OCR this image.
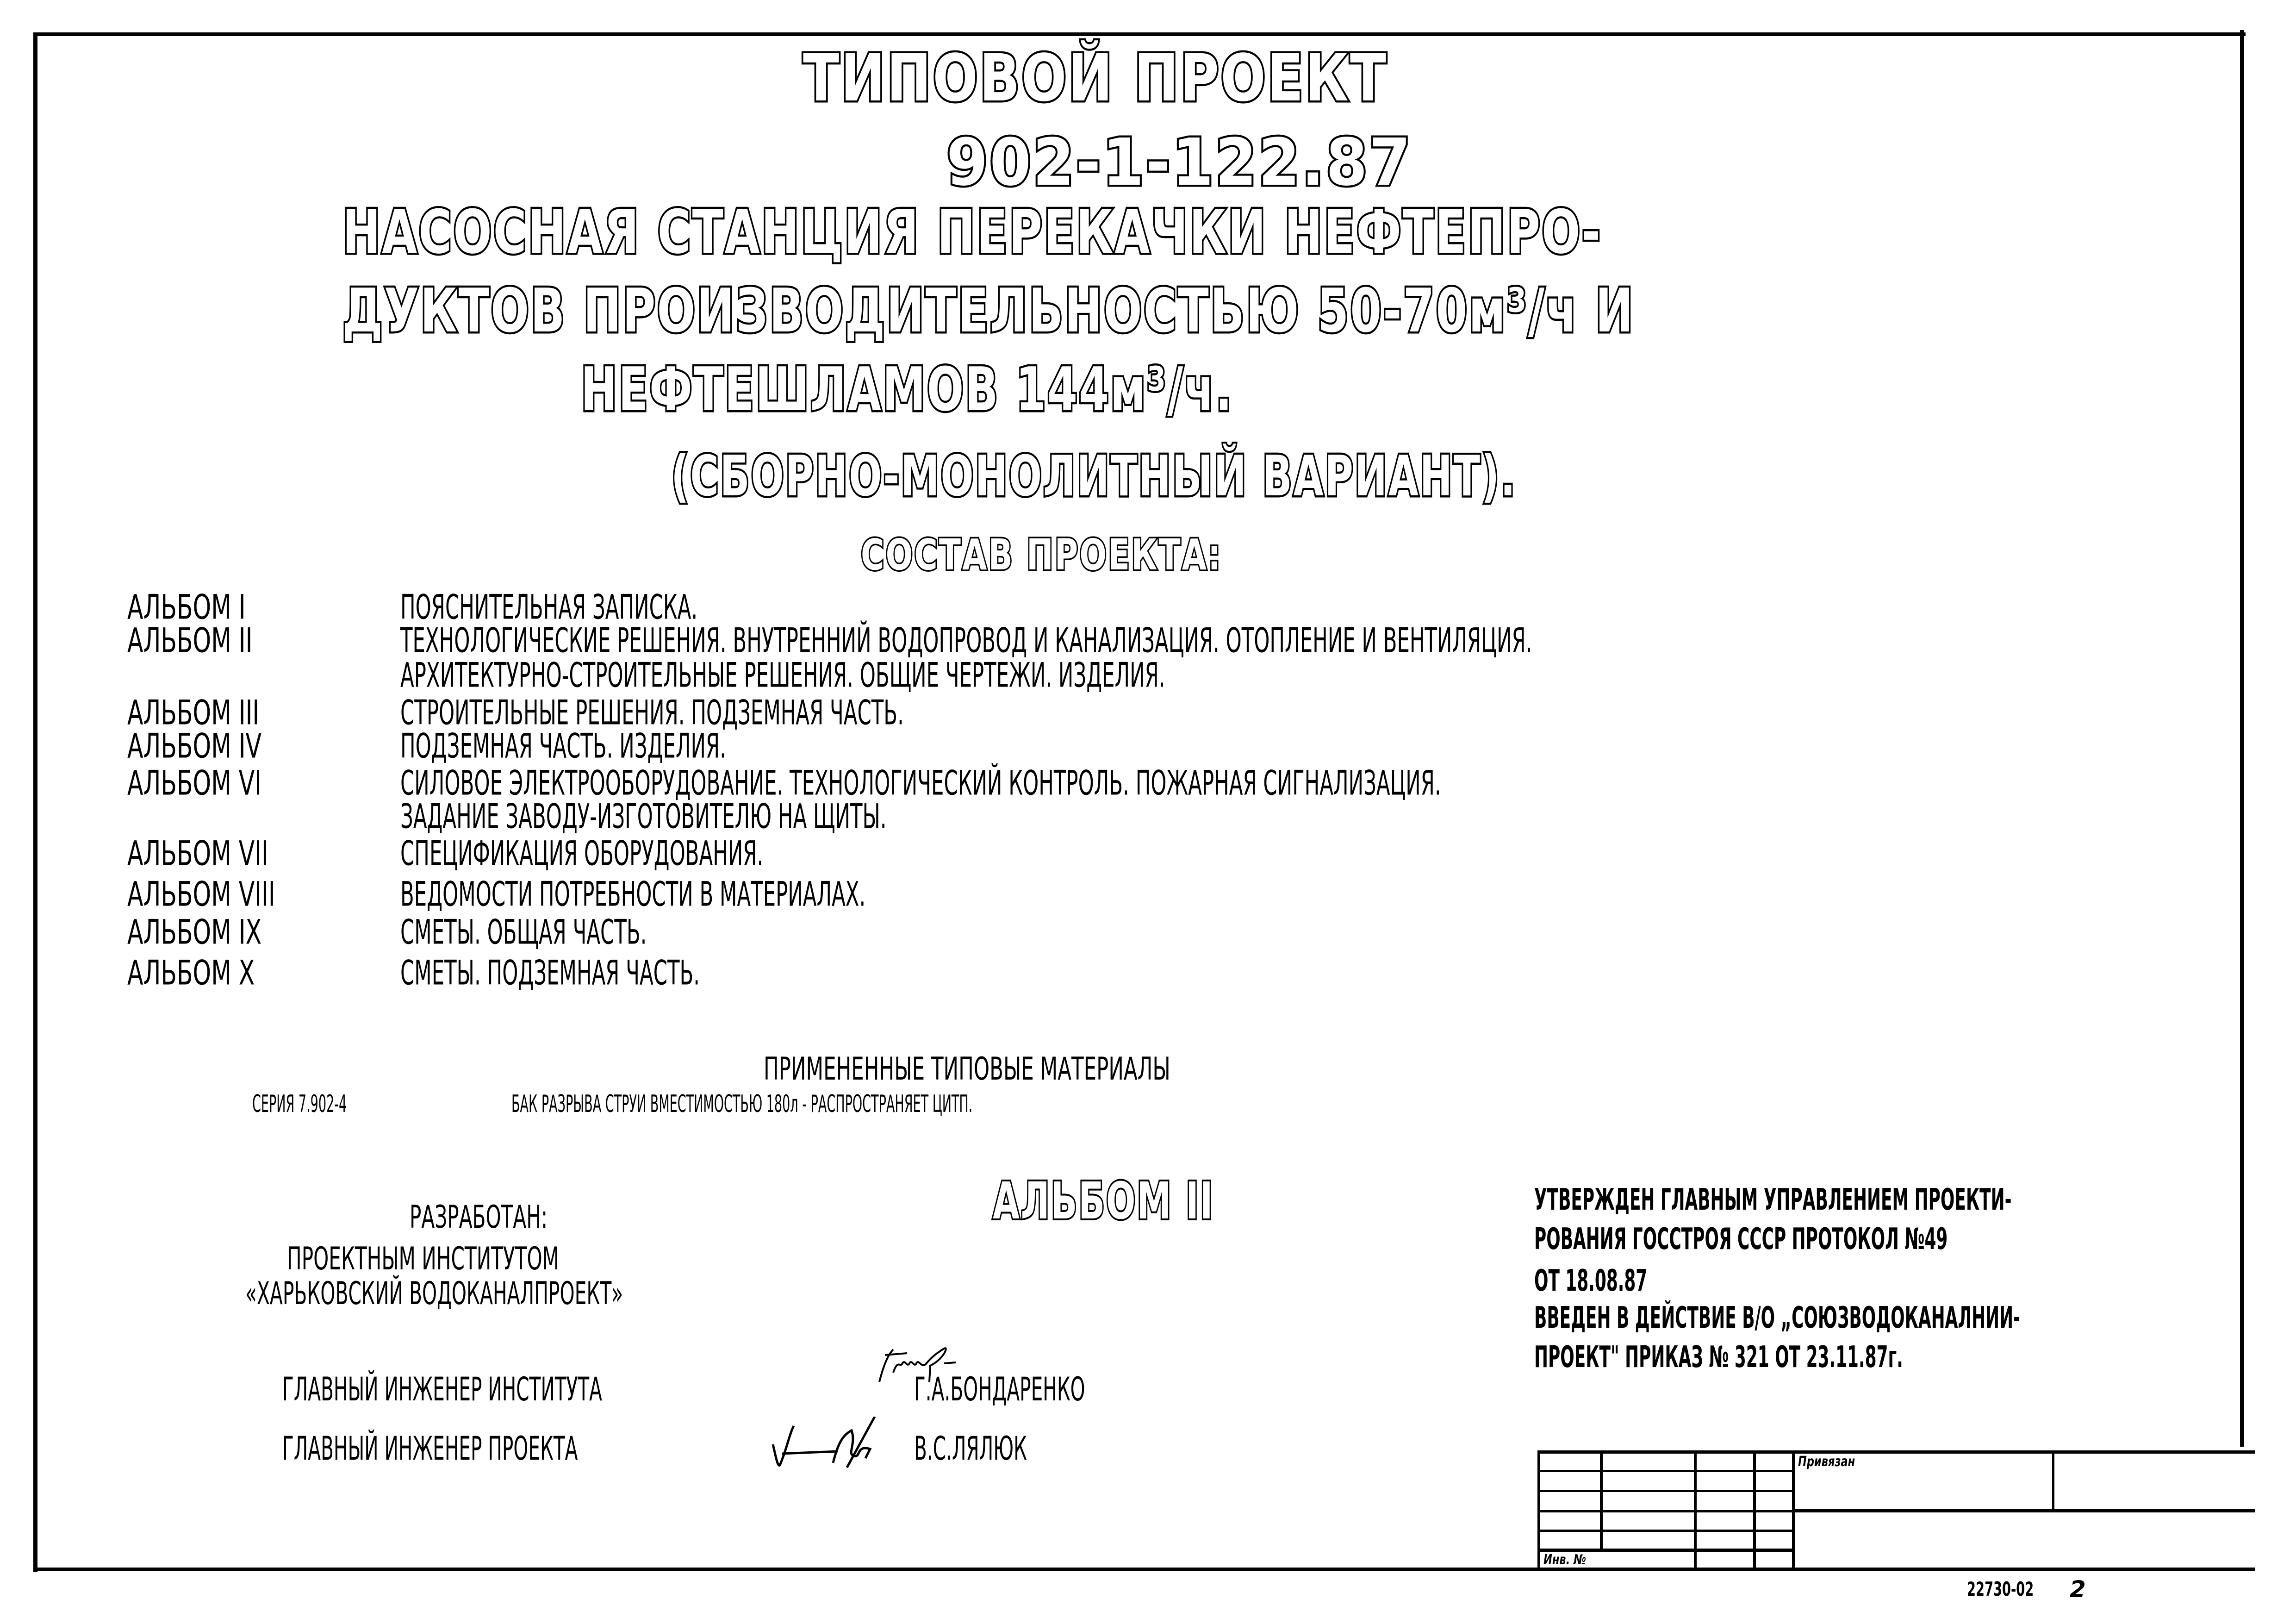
ТИПОВОЙ ПРОЕКТ
902-1-122.87
НАСОСНАЯ СТАНЦИЯ ПЕРЕКАЧКИ НЕФТЕПРО-
ДУКТОВ ПРОИЗВОДИТЕЛЬНОСТЬЮ 50-70м³/ч И
НЕФТЕШЛАМОВ 144м³/ч.
(СБОРНО-МОНОЛИТНЫЙ ВАРИАНТ).
СОСТАВ ПРОЕКТА:
АЛЬБОМ I	ПОЯСНИТЕЛЬНАЯ ЗАПИСКА.
АЛЬБОМ II	ТЕХНОЛОГИЧЕСКИЕ РЕШЕНИЯ. ВНУТРЕННИЙ ВОДОПРОВОД И КАНАЛИЗАЦИЯ. ОТОПЛЕНИЕ И ВЕНТИЛЯЦИЯ.
АРХИТЕКТУРНО-СТРОИТЕЛЬНЫЕ РЕШЕНИЯ. ОБЩИЕ ЧЕРТЕЖИ. ИЗДЕЛИЯ.
АЛЬБОМ III	СТРОИТЕЛЬНЫЕ РЕШЕНИЯ. ПОДЗЕМНАЯ ЧАСТЬ.
АЛЬБОМ IV	ПОДЗЕМНАЯ ЧАСТЬ. ИЗДЕЛИЯ.
АЛЬБОМ VI	СИЛОВОЕ ЭЛЕКТРООБОРУДОВАНИЕ. ТЕХНОЛОГИЧЕСКИЙ КОНТРОЛЬ. ПОЖАРНАЯ СИГНАЛИЗАЦИЯ.
ЗАДАНИЕ ЗАВОДУ-ИЗГОТОВИТЕЛЮ НА ЩИТЫ.
АЛЬБОМ VII	СПЕЦИФИКАЦИЯ ОБОРУДОВАНИЯ.
АЛЬБОМ VIII	ВЕДОМОСТИ ПОТРЕБНОСТИ В МАТЕРИАЛАХ.
АЛЬБОМ IX	СМЕТЫ. ОБЩАЯ ЧАСТЬ.
АЛЬБОМ X	СМЕТЫ. ПОДЗЕМНАЯ ЧАСТЬ.
ПРИМЕНЕННЫЕ ТИПОВЫЕ МАТЕРИАЛЫ
СЕРИЯ 7.902-4	БАК РАЗРЫВА СТРУИ ВМЕСТИМОСТЬЮ 180л - РАСПРОСТРАНЯЕТ ЦИТП.
РАЗРАБОТАН:
ПРОЕКТНЫМ ИНСТИТУТОМ
«ХАРЬКОВСКИЙ ВОДОКАНАЛПРОЕКТ»
АЛЬБОМ II	УТВЕРЖДЕН ГЛАВНЫМ УПРАВЛЕНИЕМ ПРОЕКТИ-
РОВАНИЯ ГОССТРОЯ СССР ПРОТОКОЛ №49
ОТ 18.08.87
ВВЕДЕН В ДЕЙСТВИЕ В/О „СОЮЗВОДОКАНАЛНИИ-
ПРОЕКТ" ПРИКАЗ № 321 ОТ 23.11.87г.
ГЛАВНЫЙ ИНЖЕНЕР ИНСТИТУТА	Г.А.БОНДАРЕНКО
ГЛАВНЫЙ ИНЖЕНЕР ПРОЕКТА	В.С.ЛЯЛЮК	Привязан
Инв. №
22730-02 2
